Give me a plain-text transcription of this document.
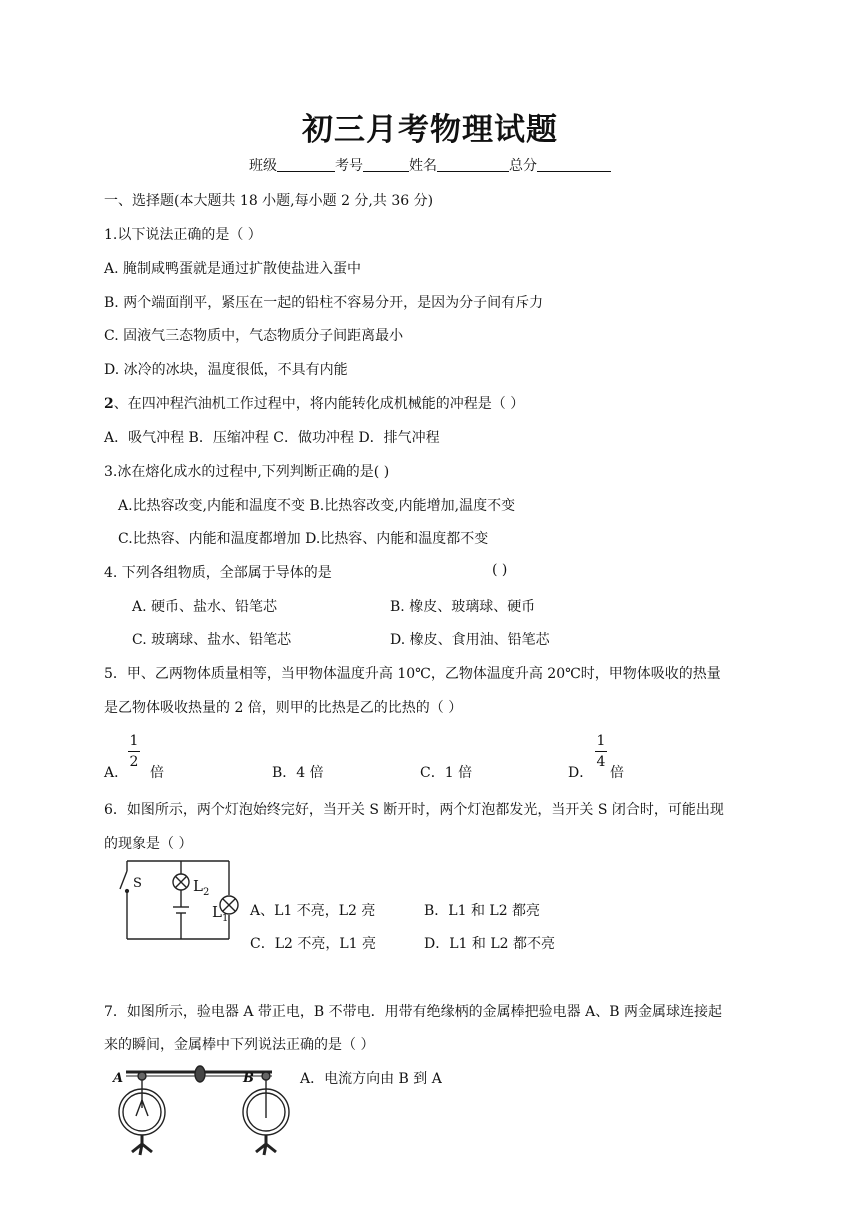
初三月考物理试题
班级	考号	姓名	总分
一、选择题(本大题共 18 小题,每小题 2 分,共 36 分)
1.以下说法正确的是（ ）
A. 腌制咸鸭蛋就是通过扩散使盐进入蛋中
B. 两个端面削平，紧压在一起的铅柱不容易分开，是因为分子间有斥力
C. 固液气三态物质中，气态物质分子间距离最小
D. 冰冷的冰块，温度很低，不具有内能
2、在四冲程汽油机工作过程中，将内能转化成机械能的冲程是（ ）
A．吸气冲程 B．压缩冲程 C．做功冲程 D．排气冲程
3.冰在熔化成水的过程中,下列判断正确的是( )
A.比热容改变,内能和温度不变 B.比热容改变,内能增加,温度不变
C.比热容、内能和温度都增加 D.比热容、内能和温度都不变
4. 下列各组物质，全部属于导体的是	( )
A. 硬币、盐水、铅笔芯	B. 橡皮、玻璃球、硬币
C. 玻璃球、盐水、铅笔芯	D. 橡皮、食用油、铅笔芯
5．甲、乙两物体质量相等，当甲物体温度升高 10℃，乙物体温度升高 20℃时，甲物体吸收的热量
是乙物体吸收热量的 2 倍，则甲的比热是乙的比热的（ ）
A．
1
2
倍	B．4 倍	C．1 倍	D．
1
4
倍
6．如图所示，两个灯泡始终完好，当开关 S 断开时，两个灯泡都发光，当开关 S 闭合时，可能出现
的现象是（ ）
S	$L_2$
$L_1$ A、L1 不亮，L2 亮	B．L1 和 L2 都亮
C．L2 不亮，L1 亮	D．L1 和 L2 都不亮
7．如图所示，验电器 A 带正电，B 不带电．用带有绝缘柄的金属棒把验电器 A、B 两金属球连接起
来的瞬间，金属棒中下列说法正确的是（ ）
A	B	A．电流方向由 B 到 A
